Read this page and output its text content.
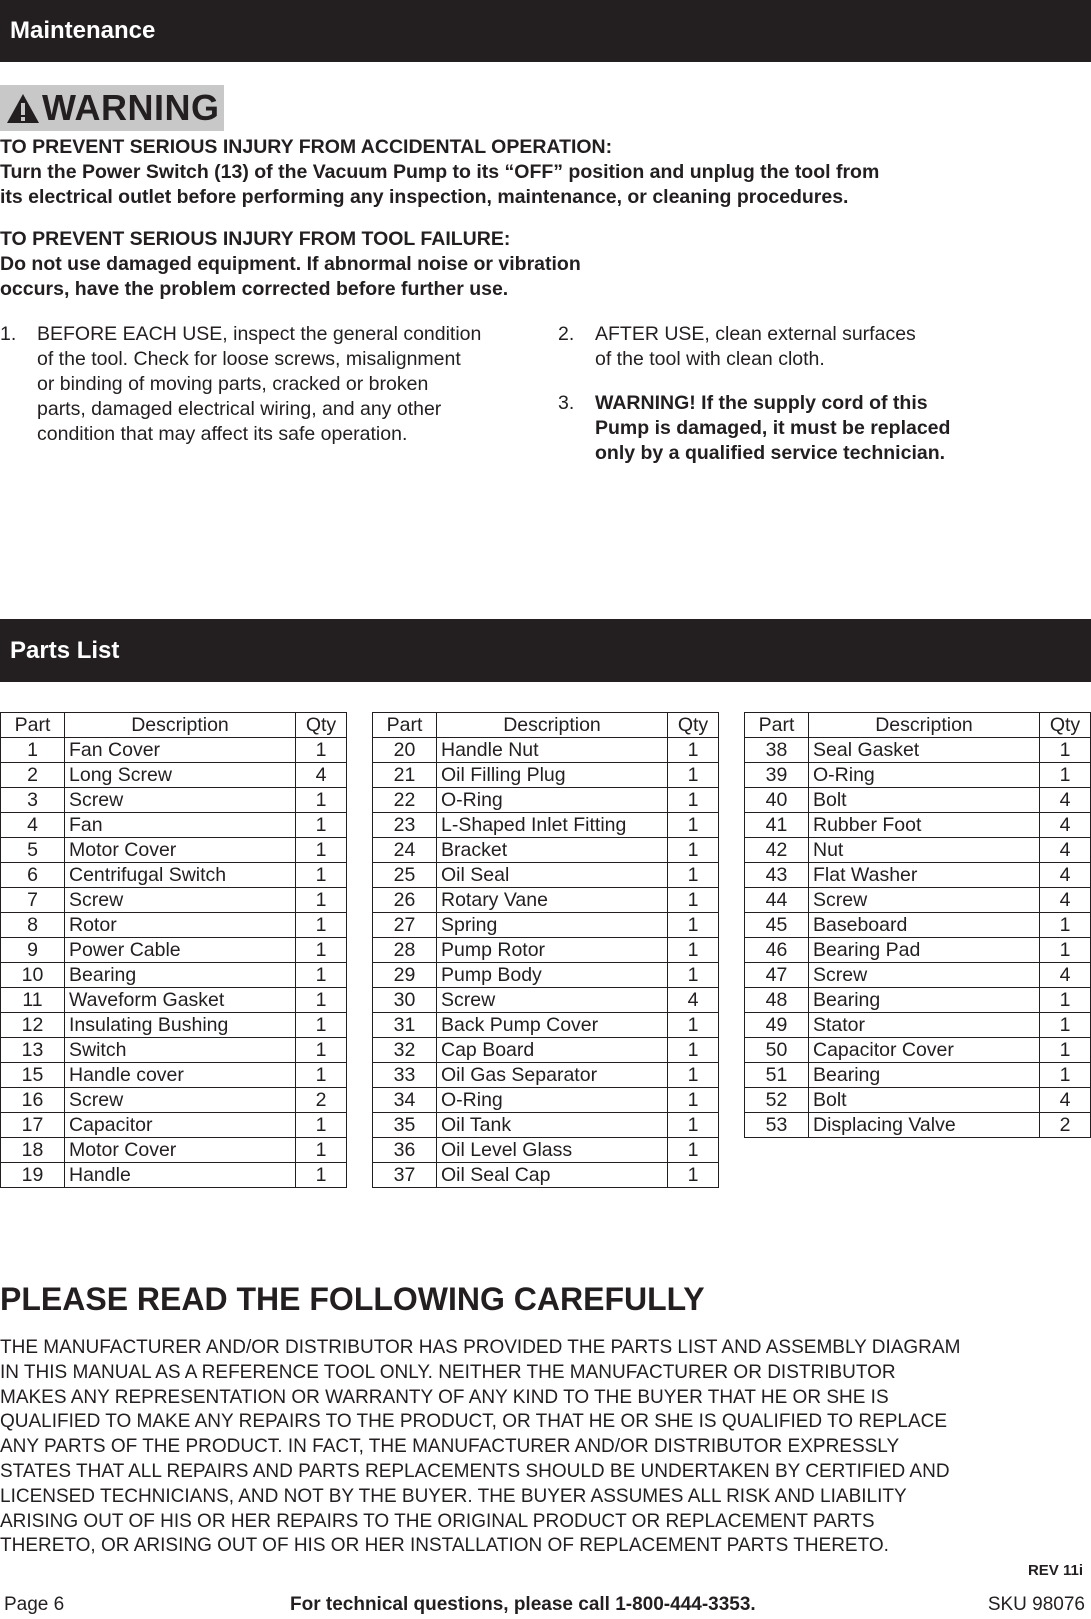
Maintenance
WARNING
TO PREVENT SERIOUS INJURY FROM ACCIDENTAL OPERATION:
Turn the Power Switch (13) of the Vacuum Pump to its “OFF” position and unplug the tool from
its electrical outlet before performing any inspection, maintenance, or cleaning procedures.
TO PREVENT SERIOUS INJURY FROM TOOL FAILURE:
Do not use damaged equipment. If abnormal noise or vibration
occurs, have the problem corrected before further use.
1. BEFORE EACH USE, inspect the general condition
of the tool. Check for loose screws, misalignment
or binding of moving parts, cracked or broken
parts, damaged electrical wiring, and any other
condition that may affect its safe operation.
2. AFTER USE, clean external surfaces
of the tool with clean cloth.
3. WARNING! If the supply cord of this
Pump is damaged, it must be replaced
only by a qualified service technician.
Parts List
Part	Description	Qty
1	Fan Cover	1
2	Long Screw	4
3	Screw	1
4	Fan	1
5	Motor Cover	1
6	Centrifugal Switch	1
7	Screw	1
8	Rotor	1
9	Power Cable	1
10	Bearing	1
11	Waveform Gasket	1
12	Insulating Bushing	1
13	Switch	1
15	Handle cover	1
16	Screw	2
17	Capacitor	1
18	Motor Cover	1
19	Handle	1
Part	Description	Qty
20	Handle Nut	1
21	Oil Filling Plug	1
22	O-Ring	1
23	L-Shaped Inlet Fitting	1
24	Bracket	1
25	Oil Seal	1
26	Rotary Vane	1
27	Spring	1
28	Pump Rotor	1
29	Pump Body	1
30	Screw	4
31	Back Pump Cover	1
32	Cap Board	1
33	Oil Gas Separator	1
34	O-Ring	1
35	Oil Tank	1
36	Oil Level Glass	1
37	Oil Seal Cap	1
Part	Description	Qty
38	Seal Gasket	1
39	O-Ring	1
40	Bolt	4
41	Rubber Foot	4
42	Nut	4
43	Flat Washer	4
44	Screw	4
45	Baseboard	1
46	Bearing Pad	1
47	Screw	4
48	Bearing	1
49	Stator	1
50	Capacitor Cover	1
51	Bearing	1
52	Bolt	4
53	Displacing Valve	2
PLEASE READ THE FOLLOWING CAREFULLY
THE MANUFACTURER AND/OR DISTRIBUTOR HAS PROVIDED THE PARTS LIST AND ASSEMBLY DIAGRAM
IN THIS MANUAL AS A REFERENCE TOOL ONLY. NEITHER THE MANUFACTURER OR DISTRIBUTOR
MAKES ANY REPRESENTATION OR WARRANTY OF ANY KIND TO THE BUYER THAT HE OR SHE IS
QUALIFIED TO MAKE ANY REPAIRS TO THE PRODUCT, OR THAT HE OR SHE IS QUALIFIED TO REPLACE
ANY PARTS OF THE PRODUCT. IN FACT, THE MANUFACTURER AND/OR DISTRIBUTOR EXPRESSLY
STATES THAT ALL REPAIRS AND PARTS REPLACEMENTS SHOULD BE UNDERTAKEN BY CERTIFIED AND
LICENSED TECHNICIANS, AND NOT BY THE BUYER. THE BUYER ASSUMES ALL RISK AND LIABILITY
ARISING OUT OF HIS OR HER REPAIRS TO THE ORIGINAL PRODUCT OR REPLACEMENT PARTS
THERETO, OR ARISING OUT OF HIS OR HER INSTALLATION OF REPLACEMENT PARTS THERETO.
REV 11i
Page 6	For technical questions, please call 1-800-444-3353.	SKU 98076
